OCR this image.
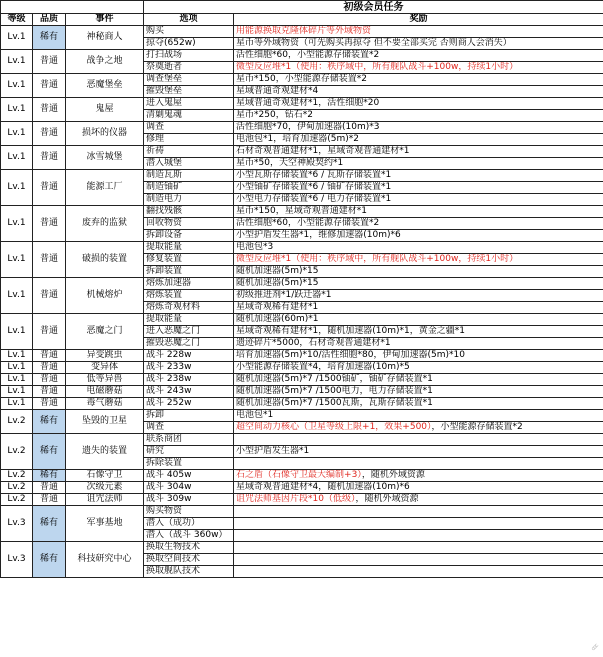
			初级会员任务	
等级	品质	事件	选项	奖励
Lv.1	稀有	神秘商人	购买	用能源换取克隆体碎片等外域物资
			掠夺(652w)	星币等外域物资（可先购买再掠夺 但不要全部买完 否则商人会消失）
Lv.1	普通	战争之地	打扫战场	活性细胞*60，小型能源存储装置*2
			祭奠逝者	微型反应堆*1（使用：秩序域中，所有舰队战斗+100w，持续1小时）
Lv.1	普通	恶魔堡垒	调查堡垒	星币*150，小型能源存储装置*2
			摧毁堡垒	星域普通奇观建材*4
Lv.1	普通	鬼屋	进入鬼屋	星域普通奇观建材*1，活性细胞*20
			清剿鬼魂	星币*250，钻石*2
Lv.1	普通	损坏的仪器	调查	活性细胞*70，伊甸加速器(10m)*3
			修理	电池包*1，培育加速器(5m)*2
Lv.1	普通	冰雪城堡	祈祷	石材奇观普通建材*1，星域奇观普通建材*1
			潜入城堡	星币*50，天空神殿契约*1
Lv.1	普通	能源工厂	制造瓦斯	小型瓦斯存储装置*6 / 瓦斯存储装置*1
			制造铀矿	小型铀矿存储装置*6 / 铀矿存储装置*1
			制造电力	小型电力存储装置*6 / 电力存储装置*1
Lv.1	普通	废弃的监狱	翻找残骸	星币*150，星域奇观普通建材*1
			回收物资	活性细胞*60，小型能源存储装置*2
			拆卸设备	小型护盾发生器*1，维修加速器(10m)*6
Lv.1	普通	破损的装置	提取能量	电池包*3
			修复装置	微型反应堆*1（使用：秩序域中，所有舰队战斗+100w，持续1小时）
			拆卸装置	随机加速器(5m)*15
Lv.1	普通	机械熔炉	熔炼加速器	随机加速器(5m)*15
			熔炼装置	初级推进剂*1/跃迁器*1
			熔炼奇观材料	星域奇观稀有建材*1
Lv.1	普通	恶魔之门	提取能量	随机加速器(60m)*1
			进入恶魔之门	星域奇观稀有建材*1，随机加速器(10m)*1，黄金之疆*1
			摧毁恶魔之门	遗迹碎片*5000，石材奇观普通建材*1
Lv.1	普通	异变跳虫	战斗 228w	培育加速器(5m)*10/活性细胞*80，伊甸加速器(5m)*10
Lv.1	普通	变异体	战斗 233w	小型能源存储装置*4，培育加速器(10m)*5
Lv.1	普通	低等异兽	战斗 238w	随机加速器(5m)*7 /1500铀矿，铀矿存储装置*1
Lv.1	普通	电磁蘑菇	战斗 243w	随机加速器(5m)*7 /1500电力，电力存储装置*1
Lv.1	普通	毒气蘑菇	战斗 252w	随机加速器(5m)*7 /1500瓦斯，瓦斯存储装置*1
Lv.2	稀有	坠毁的卫星	拆卸	电池包*1
			调查	超空间动力核心（卫星等级上限+1，效果+500），小型能源存储装置*2
Lv.2	稀有	遗失的装置	联系商团	
			研究	小型护盾发生器*1
			拆除装置	
Lv.2	稀有	石像守卫	战斗 405w	石之盾（石像守卫最大编制+3），随机外域资源
Lv.2	普通	次级元素	战斗 304w	星域奇观普通建材*4，随机加速器(10m)*6
Lv.2	普通	诅咒法师	战斗 309w	诅咒法师基因片段*10（低级），随机外域资源
Lv.3	稀有	军事基地	购买物资	
			潜入（成功）	
			潜入（战斗 360w）	
Lv.3	稀有	科技研究中心	换取生物技术	
			换取空间技术	
			换取舰队技术	
🜸
